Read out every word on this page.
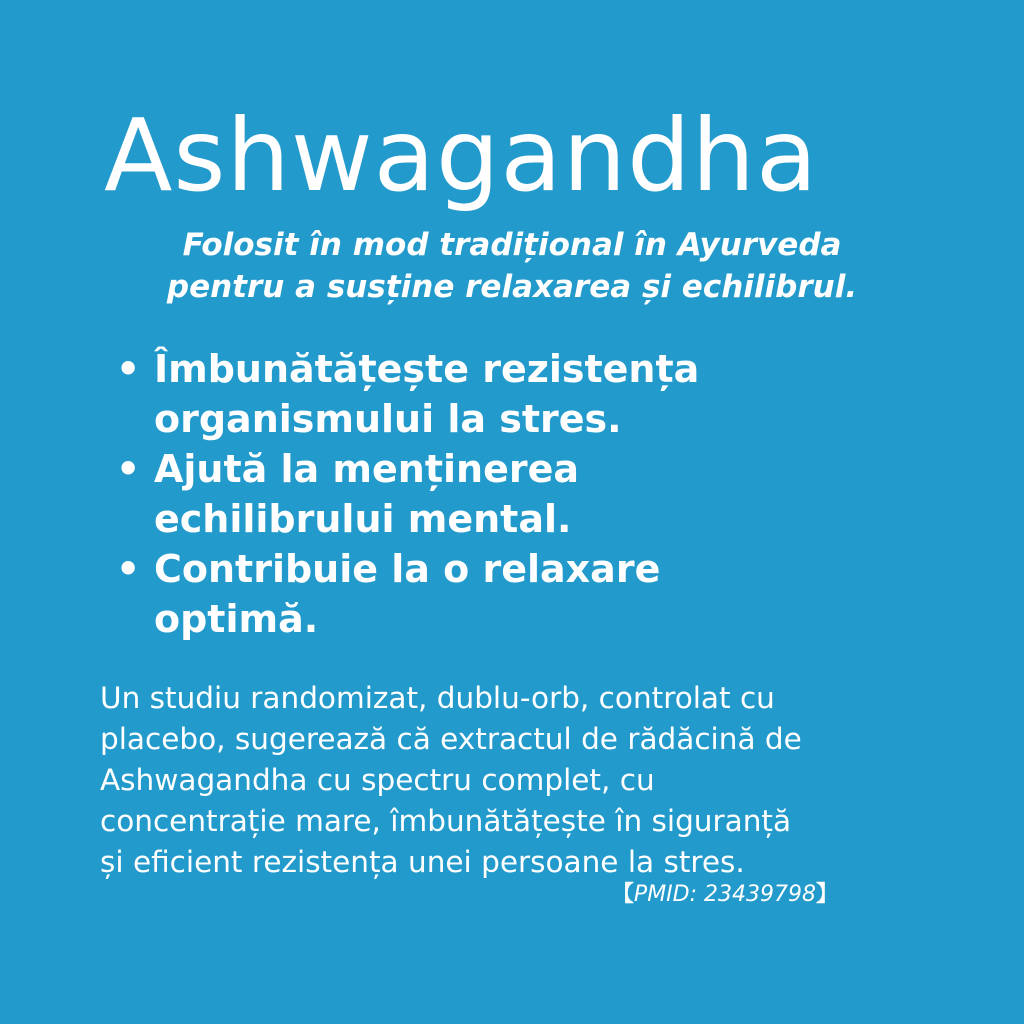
Ashwagandha

Folosit în mod tradițional în Ayurveda
pentru a susține relaxarea și echilibrul.

• Îmbunătățește rezistența
organismului la stres.
• Ajută la menținerea
echilibrului mental.
• Contribuie la o relaxare
optimă.

Un studiu randomizat, dublu-orb, controlat cu
placebo, sugerează că extractul de rădăcină de
Ashwagandha cu spectru complet, cu
concentrație mare, îmbunătățește în siguranță
și eficient rezistența unei persoane la stres.

【PMID: 23439798】
